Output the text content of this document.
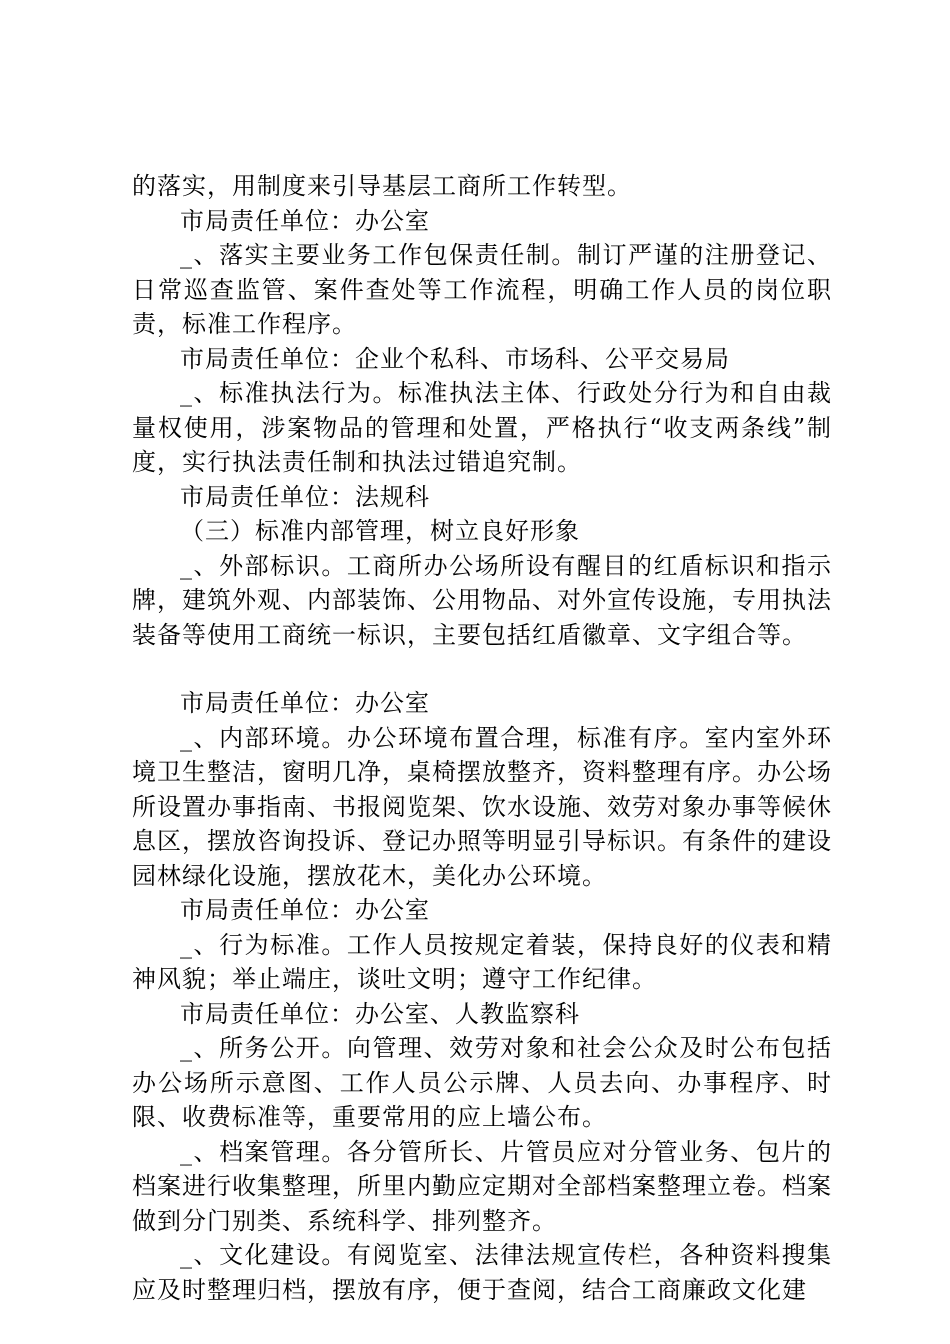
的落实，用制度来引导基层工商所工作转型。

市局责任单位：办公室

_、落实主要业务工作包保责任制。制订严谨的注册登记、日常巡查监管、案件查处等工作流程，明确工作人员的岗位职责，标准工作程序。

市局责任单位：企业个私科、市场科、公平交易局

_、标准执法行为。标准执法主体、行政处分行为和自由裁量权使用，涉案物品的管理和处置，严格执行“收支两条线”制度，实行执法责任制和执法过错追究制。

市局责任单位：法规科

（三）标准内部管理，树立良好形象

_、外部标识。工商所办公场所设有醒目的红盾标识和指示牌，建筑外观、内部装饰、公用物品、对外宣传设施，专用执法装备等使用工商统一标识，主要包括红盾徽章、文字组合等。

市局责任单位：办公室

_、内部环境。办公环境布置合理，标准有序。室内室外环境卫生整洁，窗明几净，桌椅摆放整齐，资料整理有序。办公场所设置办事指南、书报阅览架、饮水设施、效劳对象办事等候休息区，摆放咨询投诉、登记办照等明显引导标识。有条件的建设园林绿化设施，摆放花木，美化办公环境。

市局责任单位：办公室

_、行为标准。工作人员按规定着装，保持良好的仪表和精神风貌；举止端庄，谈吐文明；遵守工作纪律。

市局责任单位：办公室、人教监察科

_、所务公开。向管理、效劳对象和社会公众及时公布包括办公场所示意图、工作人员公示牌、人员去向、办事程序、时限、收费标准等，重要常用的应上墙公布。

_、档案管理。各分管所长、片管员应对分管业务、包片的档案进行收集整理，所里内勤应定期对全部档案整理立卷。档案做到分门别类、系统科学、排列整齐。

_、文化建设。有阅览室、法律法规宣传栏，各种资料搜集应及时整理归档，摆放有序，便于查阅，结合工商廉政文化建
